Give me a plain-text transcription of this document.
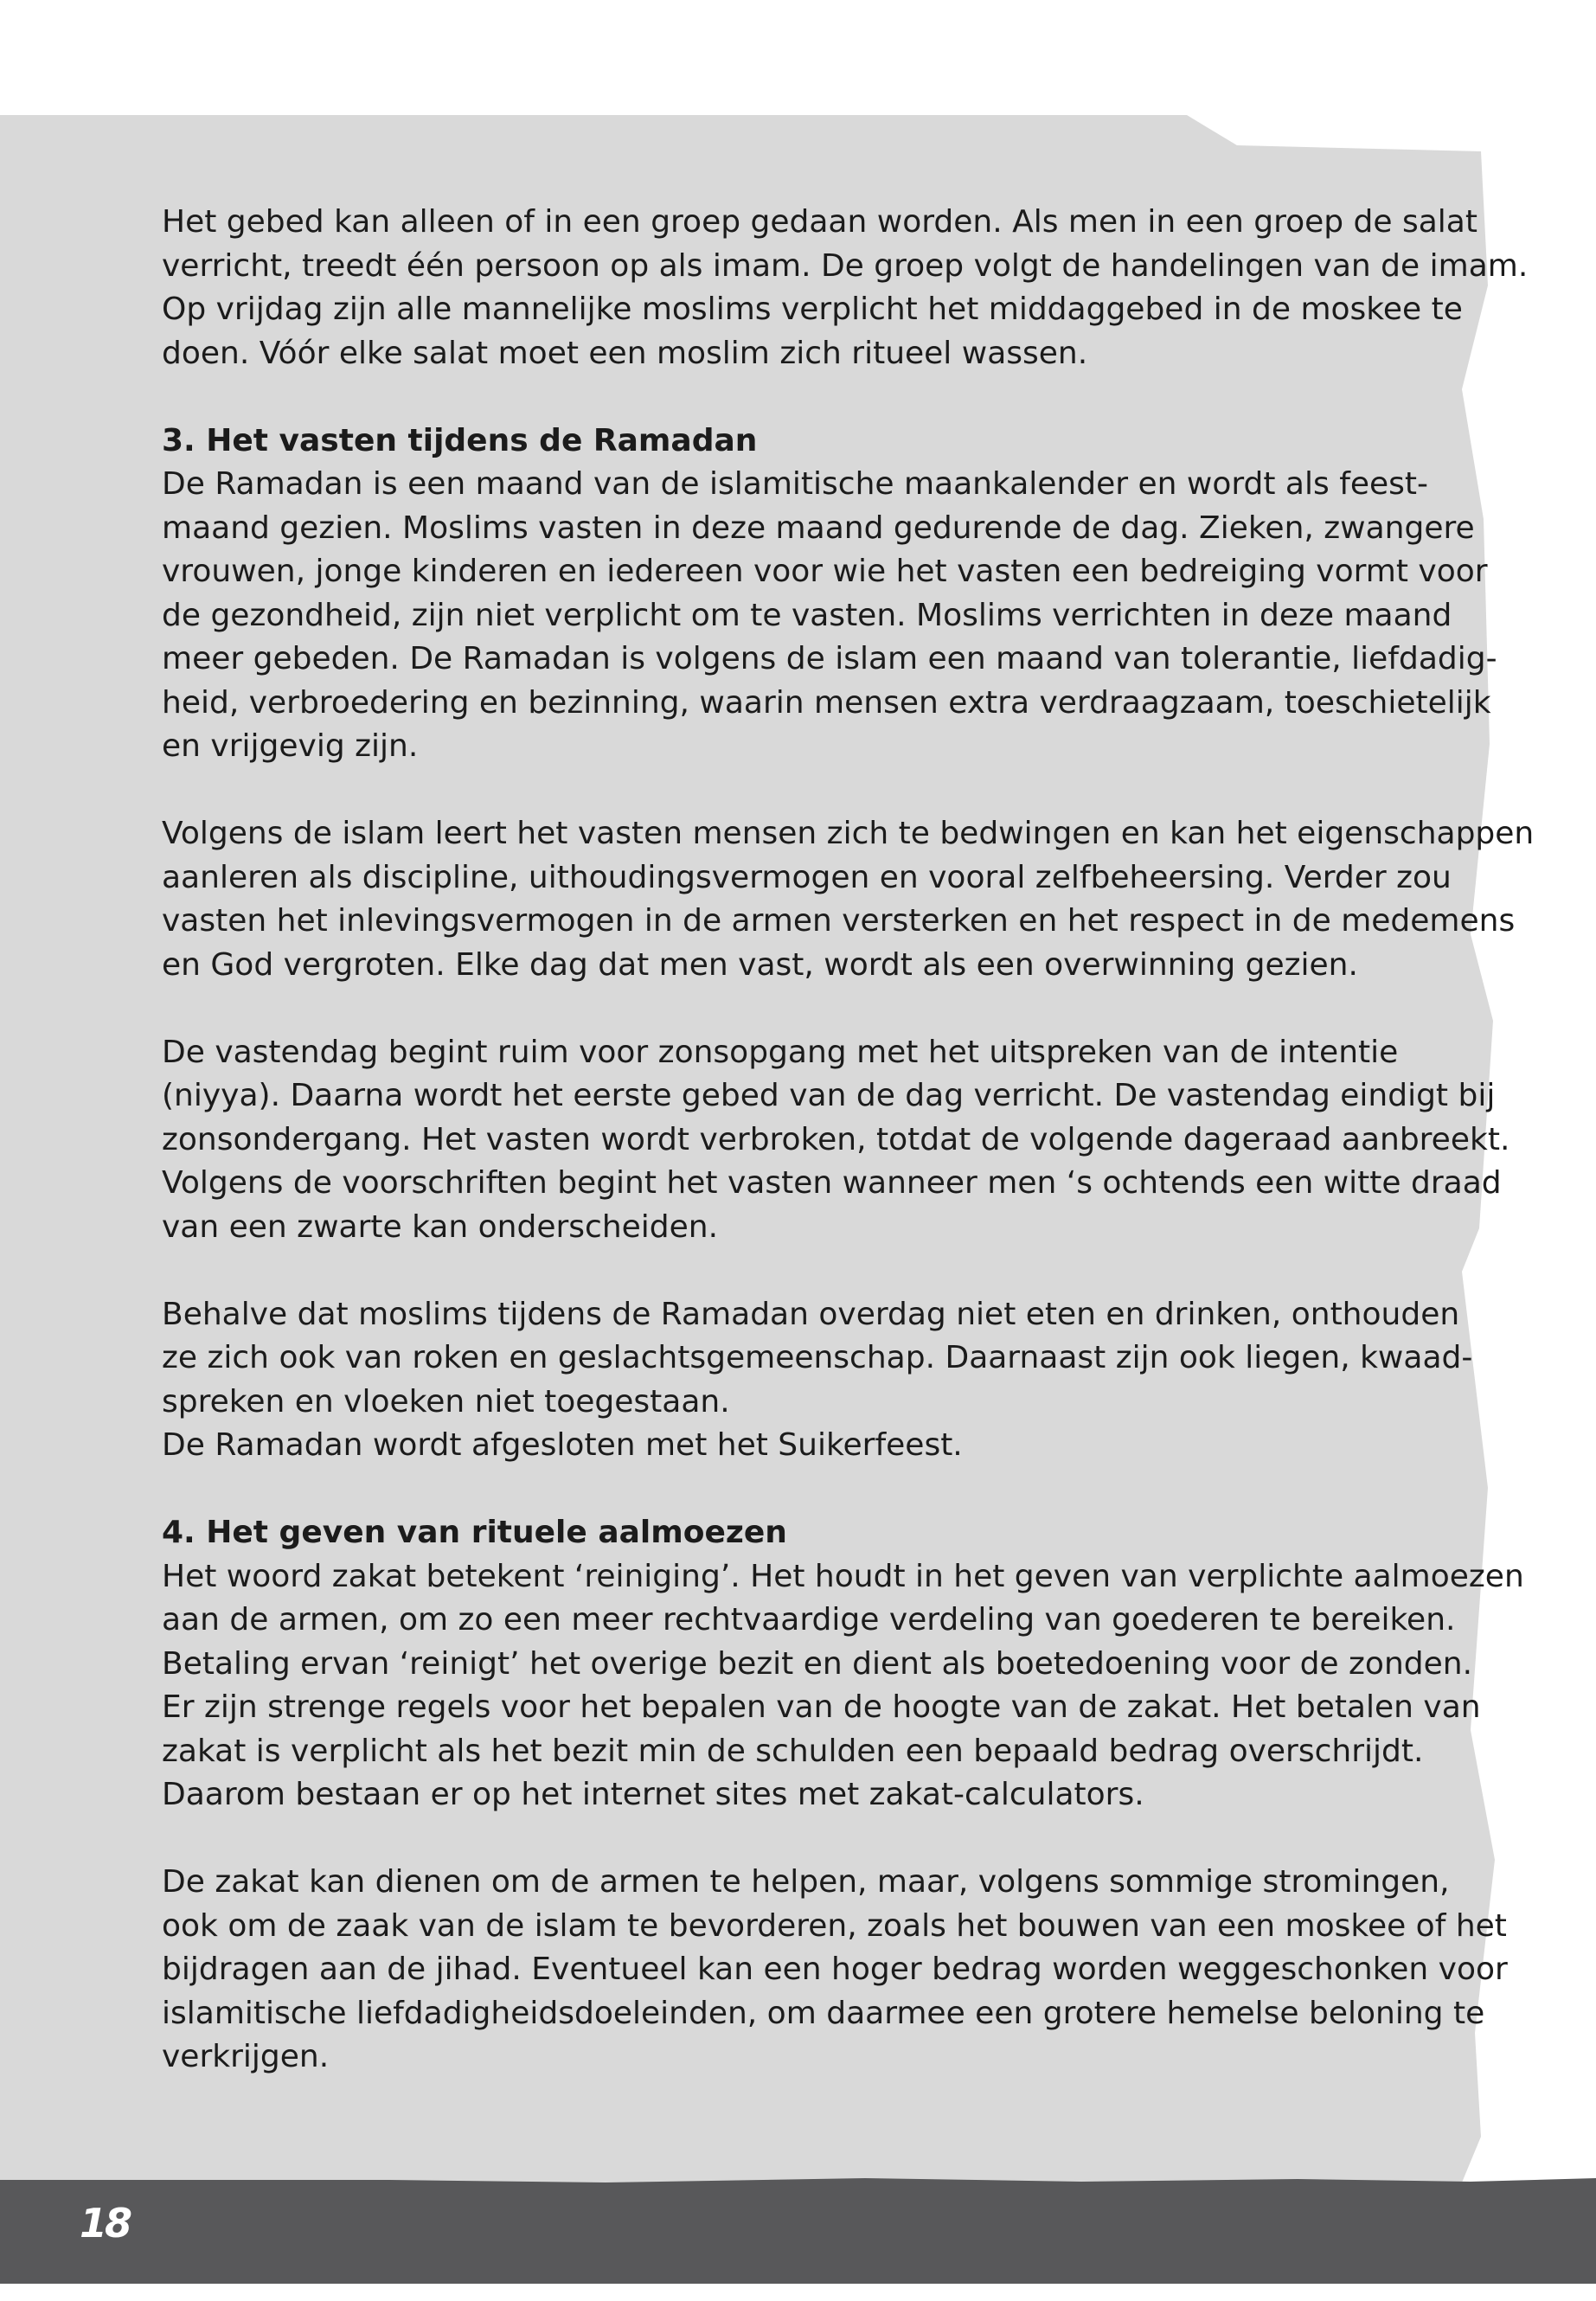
Het gebed kan alleen of in een groep gedaan worden. Als men in een groep de salat
verricht, treedt één persoon op als imam. De groep volgt de handelingen van de imam.
Op vrijdag zijn alle mannelijke moslims verplicht het middaggebed in de moskee te
doen. Vóór elke salat moet een moslim zich ritueel wassen.

3. Het vasten tijdens de Ramadan

De Ramadan is een maand van de islamitische maankalender en wordt als feest-
maand gezien. Moslims vasten in deze maand gedurende de dag. Zieken, zwangere
vrouwen, jonge kinderen en iedereen voor wie het vasten een bedreiging vormt voor
de gezondheid, zijn niet verplicht om te vasten. Moslims verrichten in deze maand
meer gebeden. De Ramadan is volgens de islam een maand van tolerantie, liefdadig-
heid, verbroedering en bezinning, waarin mensen extra verdraagzaam, toeschietelijk
en vrijgevig zijn.

Volgens de islam leert het vasten mensen zich te bedwingen en kan het eigenschappen
aanleren als discipline, uithoudingsvermogen en vooral zelfbeheersing. Verder zou
vasten het inlevingsvermogen in de armen versterken en het respect in de medemens
en God vergroten. Elke dag dat men vast, wordt als een overwinning gezien.

De vastendag begint ruim voor zonsopgang met het uitspreken van de intentie
(niyya). Daarna wordt het eerste gebed van de dag verricht. De vastendag eindigt bij
zonsondergang. Het vasten wordt verbroken, totdat de volgende dageraad aanbreekt.
Volgens de voorschriften begint het vasten wanneer men ‘s ochtends een witte draad
van een zwarte kan onderscheiden.

Behalve dat moslims tijdens de Ramadan overdag niet eten en drinken, onthouden
ze zich ook van roken en geslachtsgemeenschap. Daarnaast zijn ook liegen, kwaad-
spreken en vloeken niet toegestaan.
De Ramadan wordt afgesloten met het Suikerfeest.

4. Het geven van rituele aalmoezen

Het woord zakat betekent ‘reiniging’. Het houdt in het geven van verplichte aalmoezen
aan de armen, om zo een meer rechtvaardige verdeling van goederen te bereiken.
Betaling ervan ‘reinigt’ het overige bezit en dient als boetedoening voor de zonden.
Er zijn strenge regels voor het bepalen van de hoogte van de zakat. Het betalen van
zakat is verplicht als het bezit min de schulden een bepaald bedrag overschrijdt.
Daarom bestaan er op het internet sites met zakat-calculators.

De zakat kan dienen om de armen te helpen, maar, volgens sommige stromingen,
ook om de zaak van de islam te bevorderen, zoals het bouwen van een moskee of het
bijdragen aan de jihad. Eventueel kan een hoger bedrag worden weggeschonken voor
islamitische liefdadigheidsdoeleinden, om daarmee een grotere hemelse beloning te
verkrijgen.

18
